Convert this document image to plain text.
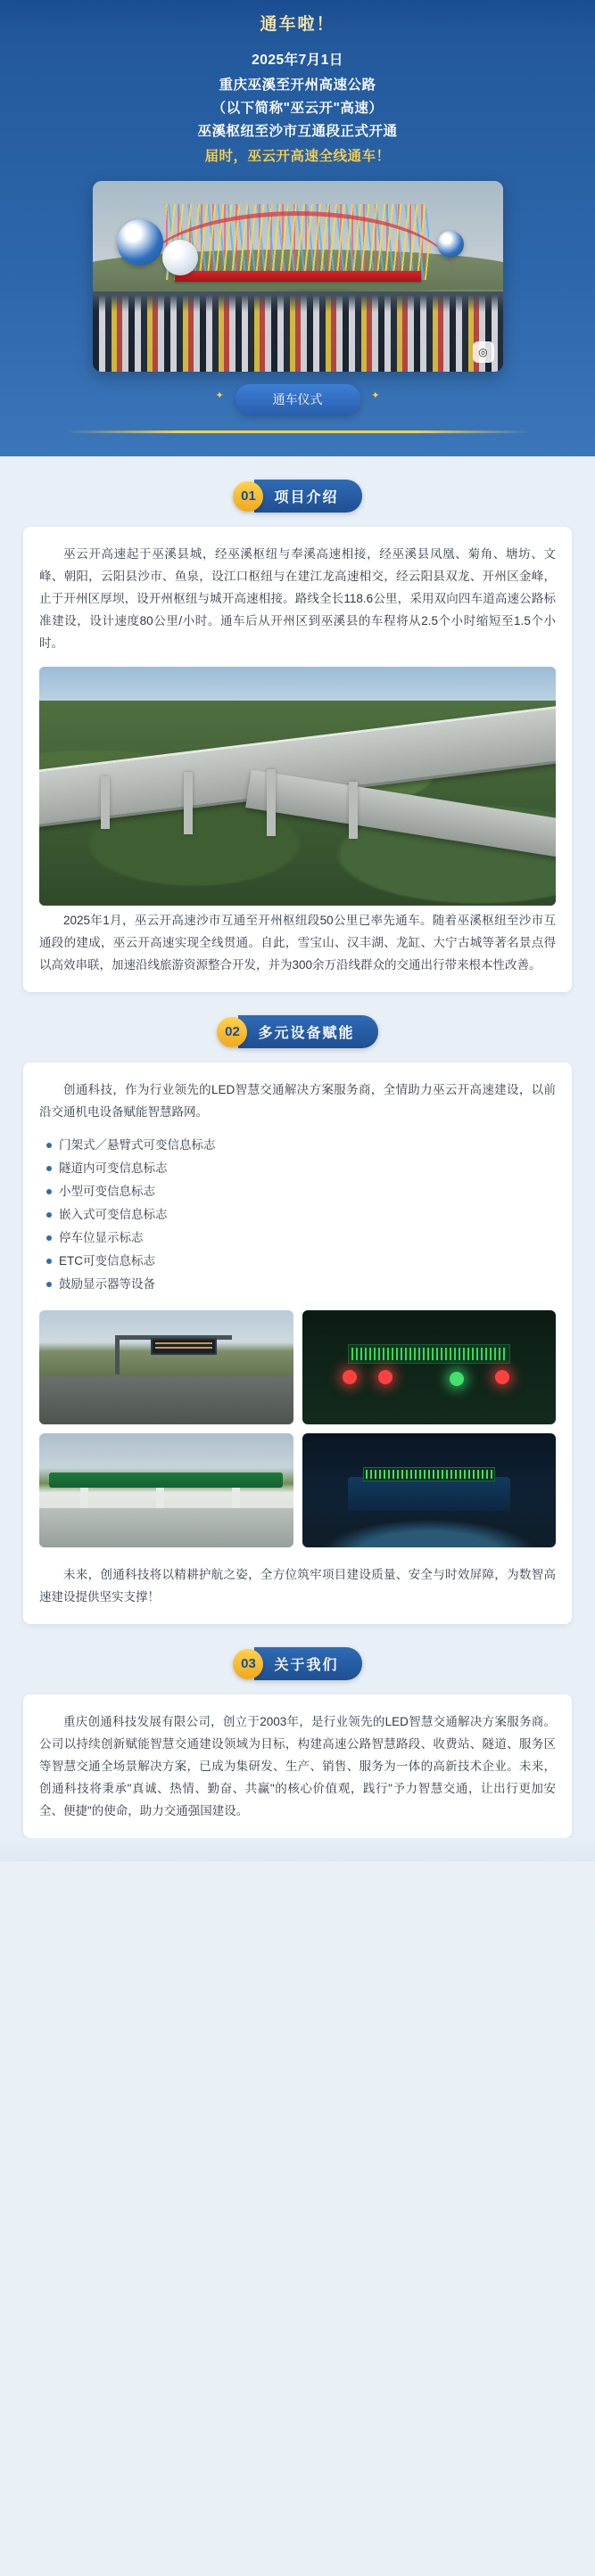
通车啦！
2025年7月1日
重庆巫溪至开州高速公路
（以下简称"巫云开"高速）
巫溪枢纽至沙市互通段正式开通
届时，巫云开高速全线通车！
◎
✦	通车仪式	✦
01	项目介绍

巫云开高速起于巫溪县城，经巫溪枢纽与奉溪高速相接，经巫溪县凤凰、菊角、塘坊、文峰、朝阳，云阳县沙市、鱼泉，设江口枢纽与在建江龙高速相交，经云阳县双龙、开州区金峰，止于开州区厚坝，设开州枢纽与城开高速相接。路线全长118.6公里，采用双向四车道高速公路标准建设，设计速度80公里/小时。通车后从开州区到巫溪县的车程将从2.5个小时缩短至1.5个小时。

2025年1月，巫云开高速沙市互通至开州枢纽段50公里已率先通车。随着巫溪枢纽至沙市互通段的建成，巫云开高速实现全线贯通。自此，雪宝山、汉丰湖、龙缸、大宁古城等著名景点得以高效串联，加速沿线旅游资源整合开发，并为300余万沿线群众的交通出行带来根本性改善。

02	多元设备赋能

创通科技，作为行业领先的LED智慧交通解决方案服务商，全情助力巫云开高速建设，以前沿交通机电设备赋能智慧路网。

门架式／悬臂式可变信息标志
隧道内可变信息标志
小型可变信息标志
嵌入式可变信息标志
停车位显示标志
ETC可变信息标志
鼓励显示器等设备

未来，创通科技将以精耕护航之姿，全方位筑牢项目建设质量、安全与时效屏障，为数智高速建设提供坚实支撑！

03	关于我们

重庆创通科技发展有限公司，创立于2003年，是行业领先的LED智慧交通解决方案服务商。公司以持续创新赋能智慧交通建设领域为目标，构建高速公路智慧路段、收费站、隧道、服务区等智慧交通全场景解决方案，已成为集研发、生产、销售、服务为一体的高新技术企业。未来，创通科技将秉承"真诚、热情、勤奋、共赢"的核心价值观，践行"予力智慧交通，让出行更加安全、便捷"的使命，助力交通强国建设。
